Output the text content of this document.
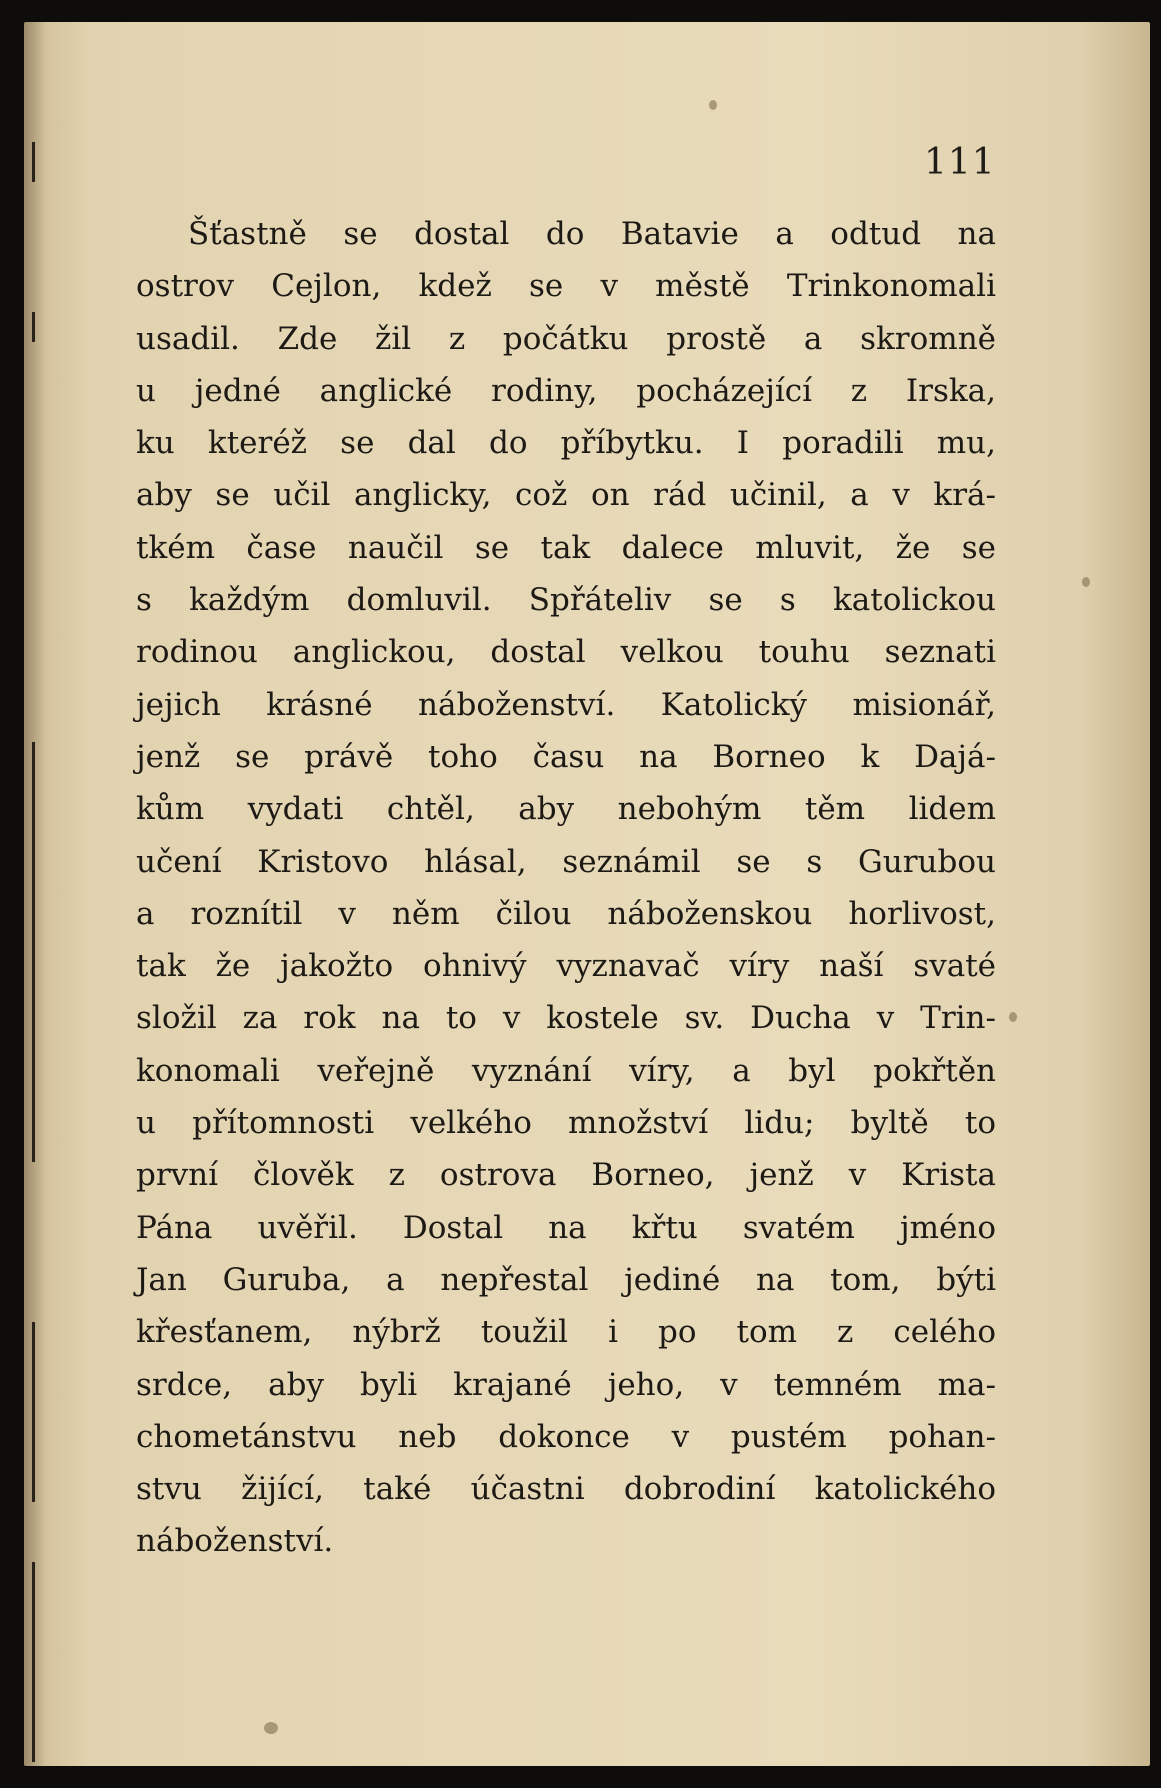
111
Šťastně se dostal do Batavie a odtud na
ostrov Cejlon, kdež se v městě Trinkonomali
usadil. Zde žil z počátku prostě a skromně
u jedné anglické rodiny, pocházející z Irska,
ku kteréž se dal do příbytku. I poradili mu,
aby se učil anglicky, což on rád učinil, a v krá-
tkém čase naučil se tak dalece mluvit, že se
s každým domluvil. Spřáteliv se s katolickou
rodinou anglickou, dostal velkou touhu seznati
jejich krásné náboženství. Katolický misionář,
jenž se právě toho času na Borneo k Dajá-
kům vydati chtěl, aby nebohým těm lidem
učení Kristovo hlásal, seznámil se s Gurubou
a roznítil v něm čilou náboženskou horlivost,
tak že jakožto ohnivý vyznavač víry naší svaté
složil za rok na to v kostele sv. Ducha v Trin-
konomali veřejně vyznání víry, a byl pokřtěn
u přítomnosti velkého množství lidu; byltě to
první člověk z ostrova Borneo, jenž v Krista
Pána uvěřil. Dostal na křtu svatém jméno
Jan Guruba, a nepřestal jediné na tom, býti
křesťanem, nýbrž toužil i po tom z celého
srdce, aby byli krajané jeho, v temném ma-
chometánstvu neb dokonce v pustém pohan-
stvu žijící, také účastni dobrodiní katolického
náboženství.
